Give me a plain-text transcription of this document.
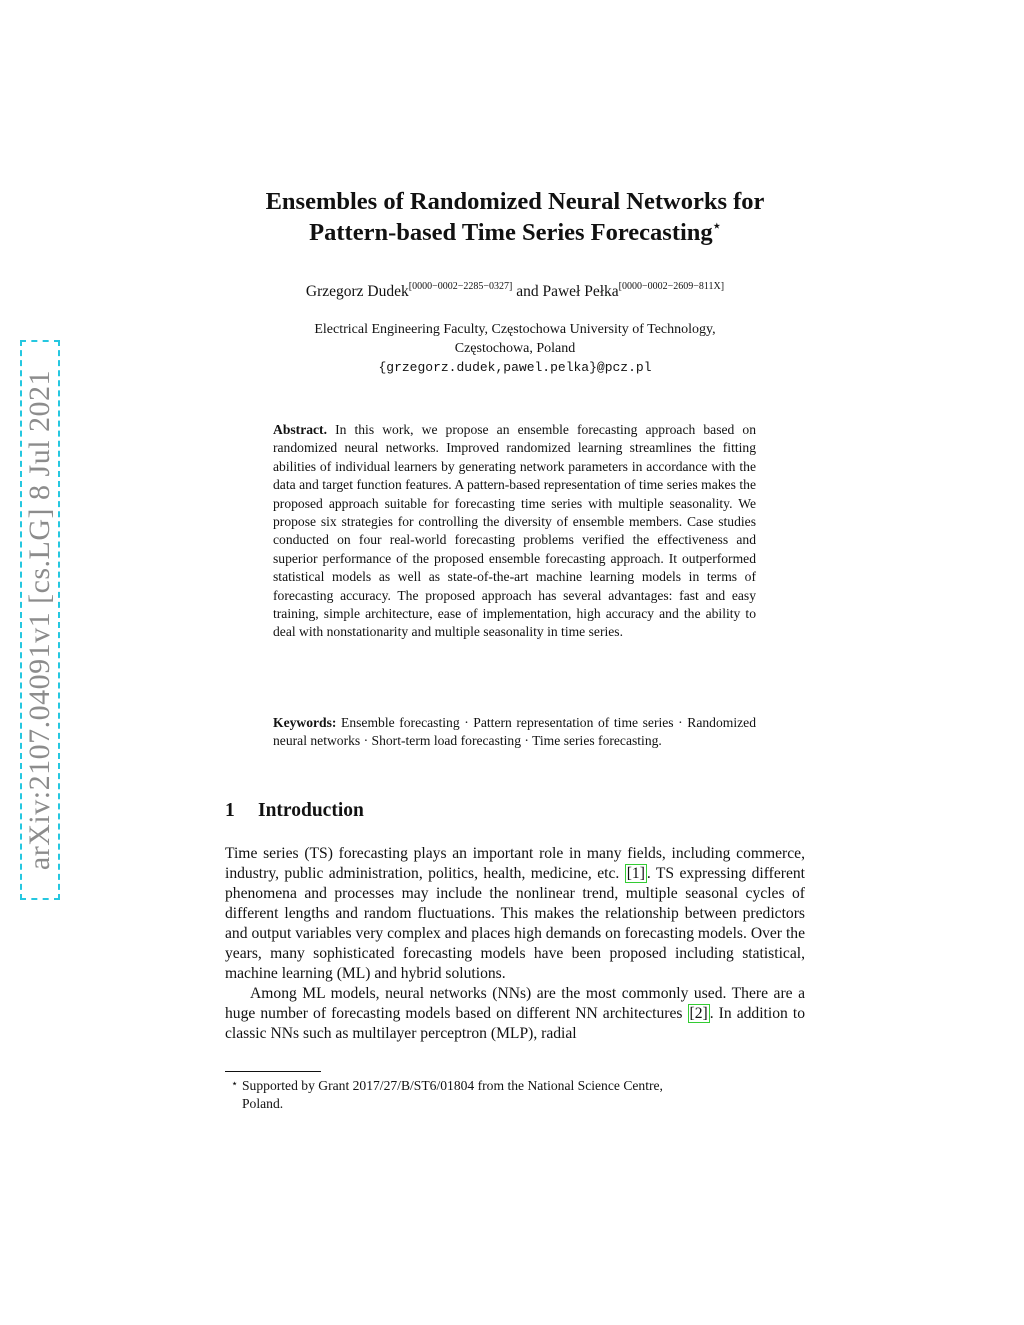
arXiv:2107.04091v1 [cs.LG] 8 Jul 2021
Ensembles of Randomized Neural Networks for
Pattern-based Time Series Forecasting⋆
Grzegorz Dudek[0000−0002−2285−0327] and Paweł Pełka[0000−0002−2609−811X]
Electrical Engineering Faculty, Częstochowa University of Technology,
Częstochowa, Poland
{grzegorz.dudek,pawel.pelka}@pcz.pl
Abstract. In this work, we propose an ensemble forecasting approach based on randomized neural networks. Improved randomized learning streamlines the fitting abilities of individual learners by generating network parameters in accordance with the data and target function features. A pattern-based representation of time series makes the proposed approach suitable for forecasting time series with multiple seasonality. We propose six strategies for controlling the diversity of ensemble members. Case studies conducted on four real-world forecasting problems verified the effectiveness and superior performance of the proposed ensemble forecasting approach. It outperformed statistical models as well as state-of-the-art machine learning models in terms of forecasting accuracy. The proposed approach has several advantages: fast and easy training, simple architecture, ease of implementation, high accuracy and the ability to deal with nonstationarity and multiple seasonality in time series.
Keywords: Ensemble forecasting · Pattern representation of time series · Randomized neural networks · Short-term load forecasting · Time series forecasting.
1 Introduction

Time series (TS) forecasting plays an important role in many fields, including commerce, industry, public administration, politics, health, medicine, etc. [1] . TS expressing different phenomena and processes may include the nonlinear trend, multiple seasonal cycles of different lengths and random fluctuations. This makes the relationship between predictors and output variables very complex and places high demands on forecasting models. Over the years, many sophisticated forecasting models have been proposed including statistical, machine learning (ML) and hybrid solutions.

Among ML models, neural networks (NNs) are the most commonly used. There are a huge number of forecasting models based on different NN architectures [2] . In addition to classic NNs such as multilayer perceptron (MLP), radial

⋆ Supported by Grant 2017/27/B/ST6/01804 from the National Science Centre,
Poland.
